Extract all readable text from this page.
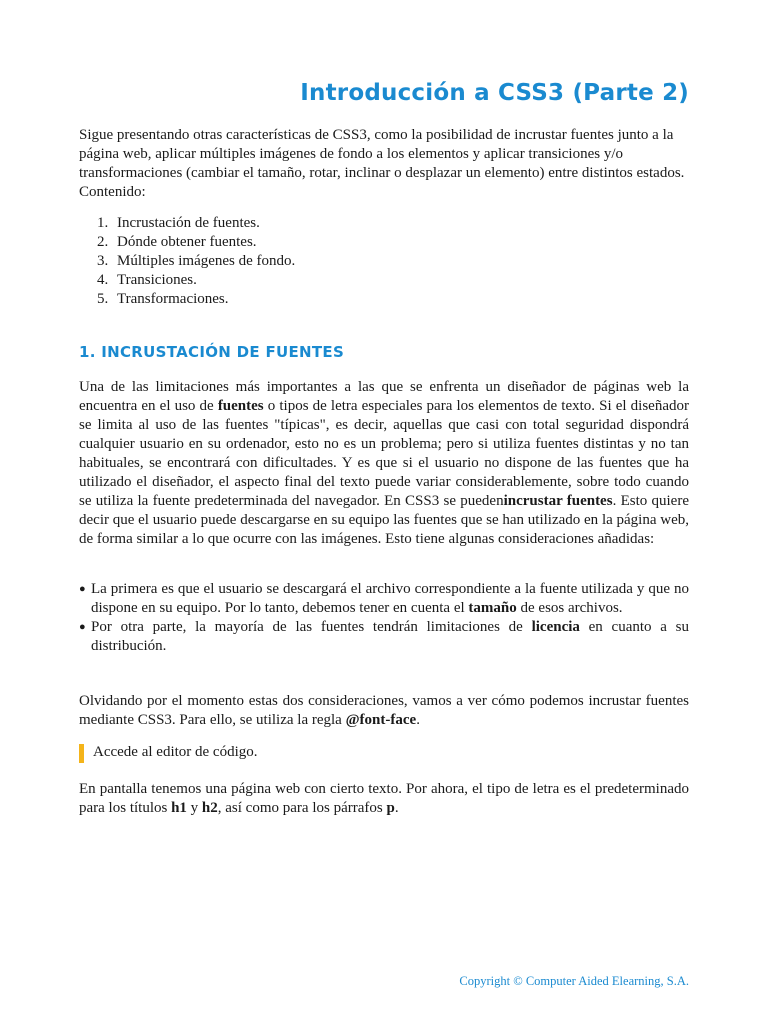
Introducción a CSS3 (Parte 2)

Sigue presentando otras características de CSS3, como la posibilidad de incrustar fuentes junto a la página web, aplicar múltiples imágenes de fondo a los elementos y aplicar transiciones y/o transformaciones (cambiar el tamaño, rotar, inclinar o desplazar un elemento) entre distintos estados. Contenido:

1. Incrustación de fuentes.
2. Dónde obtener fuentes.
3. Múltiples imágenes de fondo.
4. Transiciones.
5. Transformaciones.
1. INCRUSTACIÓN DE FUENTES

Una de las limitaciones más importantes a las que se enfrenta un diseñador de páginas web la encuentra en el uso de fuentes o tipos de letra especiales para los elementos de texto. Si el diseñador se limita al uso de las fuentes "típicas", es decir, aquellas que casi con total seguridad dispondrá cualquier usuario en su ordenador, esto no es un problema; pero si utiliza fuentes distintas y no tan habituales, se encontrará con dificultades. Y es que si el usuario no dispone de las fuentes que ha utilizado el diseñador, el aspecto final del texto puede variar considerablemente, sobre todo cuando se utiliza la fuente predeterminada del navegador. En CSS3 se puedenincrustar fuentes. Esto quiere decir que el usuario puede descargarse en su equipo las fuentes que se han utilizado en la página web, de forma similar a lo que ocurre con las imágenes. Esto tiene algunas consideraciones añadidas:

● La primera es que el usuario se descargará el archivo correspondiente a la fuente utilizada y que no dispone en su equipo. Por lo tanto, debemos tener en cuenta el tamaño de esos archivos.
● Por otra parte, la mayoría de las fuentes tendrán limitaciones de licencia en cuanto a su distribución.

Olvidando por el momento estas dos consideraciones, vamos a ver cómo podemos incrustar fuentes mediante CSS3. Para ello, se utiliza la regla @font-face.

Accede al editor de código.

En pantalla tenemos una página web con cierto texto. Por ahora, el tipo de letra es el predeterminado para los títulos h1 y h2, así como para los párrafos p.

Copyright © Computer Aided Elearning, S.A.
